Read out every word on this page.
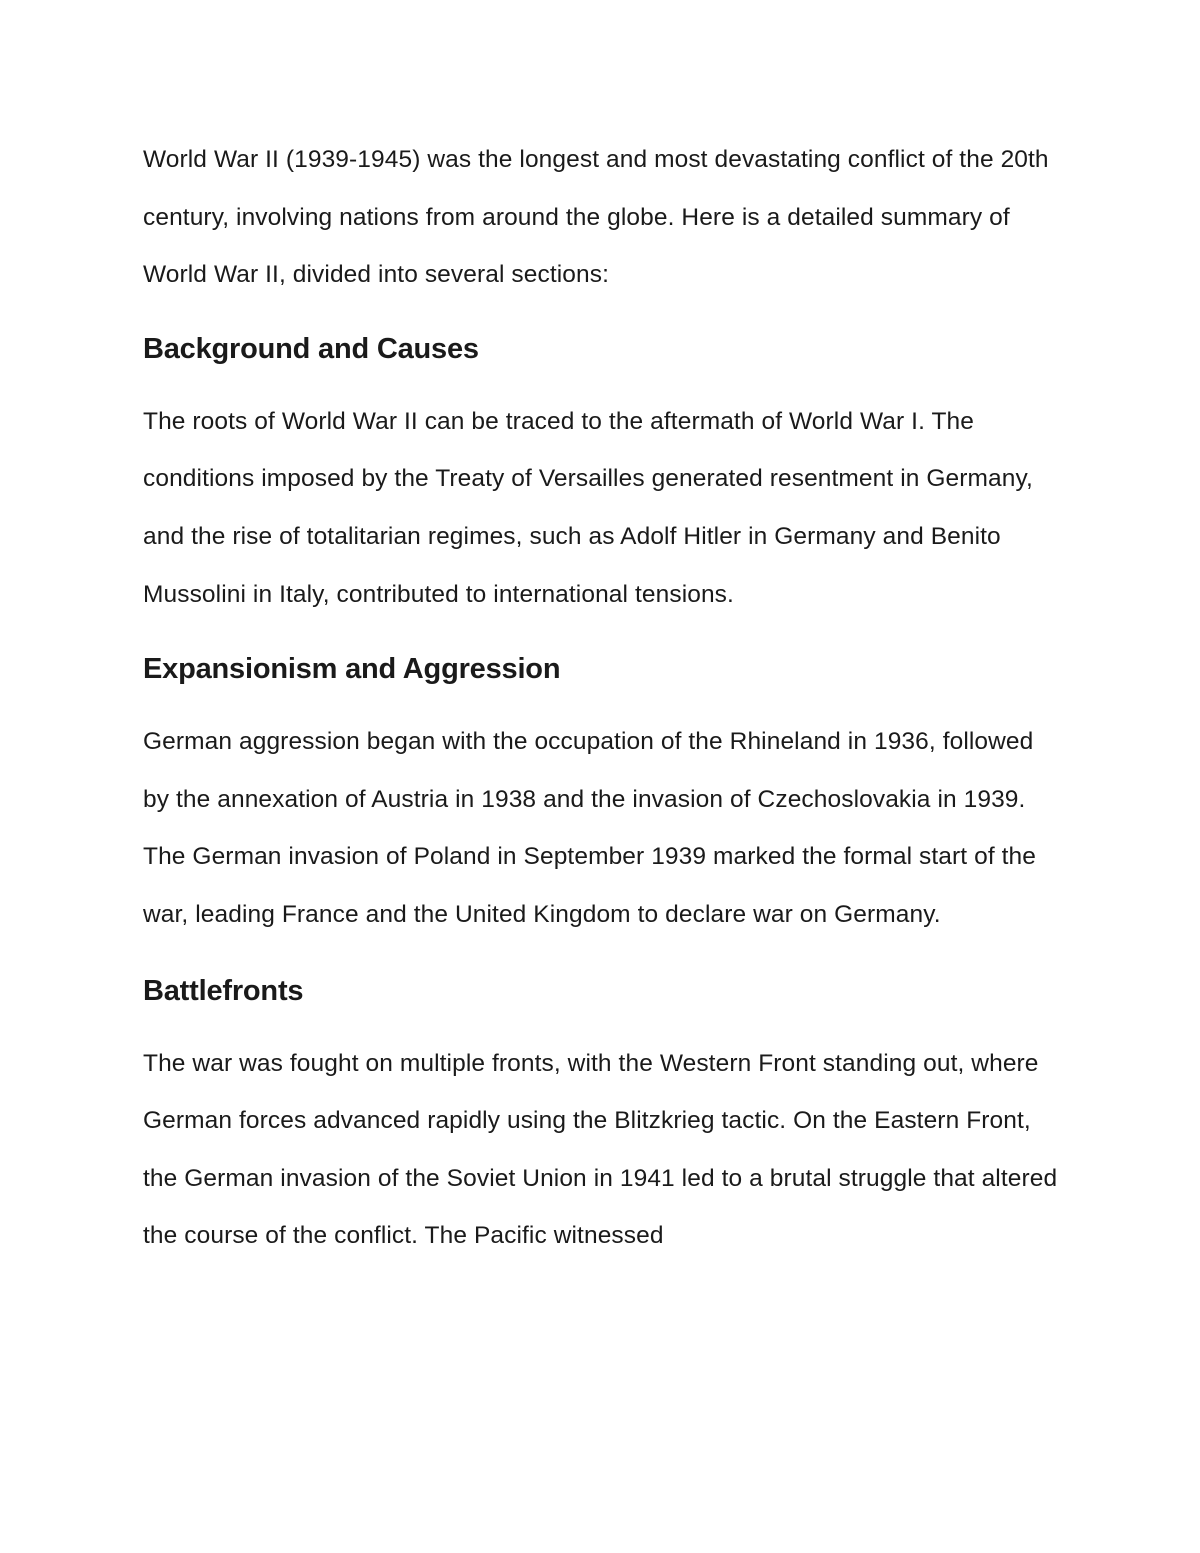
World War II (1939-1945) was the longest and most devastating conflict of the 20th century, involving nations from around the globe. Here is a detailed summary of World War II, divided into several sections:

Background and Causes

The roots of World War II can be traced to the aftermath of World War I. The conditions imposed by the Treaty of Versailles generated resentment in Germany, and the rise of totalitarian regimes, such as Adolf Hitler in Germany and Benito Mussolini in Italy, contributed to international tensions.

Expansionism and Aggression

German aggression began with the occupation of the Rhineland in 1936, followed by the annexation of Austria in 1938 and the invasion of Czechoslovakia in 1939. The German invasion of Poland in September 1939 marked the formal start of the war, leading France and the United Kingdom to declare war on Germany.

Battlefronts

The war was fought on multiple fronts, with the Western Front standing out, where German forces advanced rapidly using the Blitzkrieg tactic. On the Eastern Front, the German invasion of the Soviet Union in 1941 led to a brutal struggle that altered the course of the conflict. The Pacific witnessed
